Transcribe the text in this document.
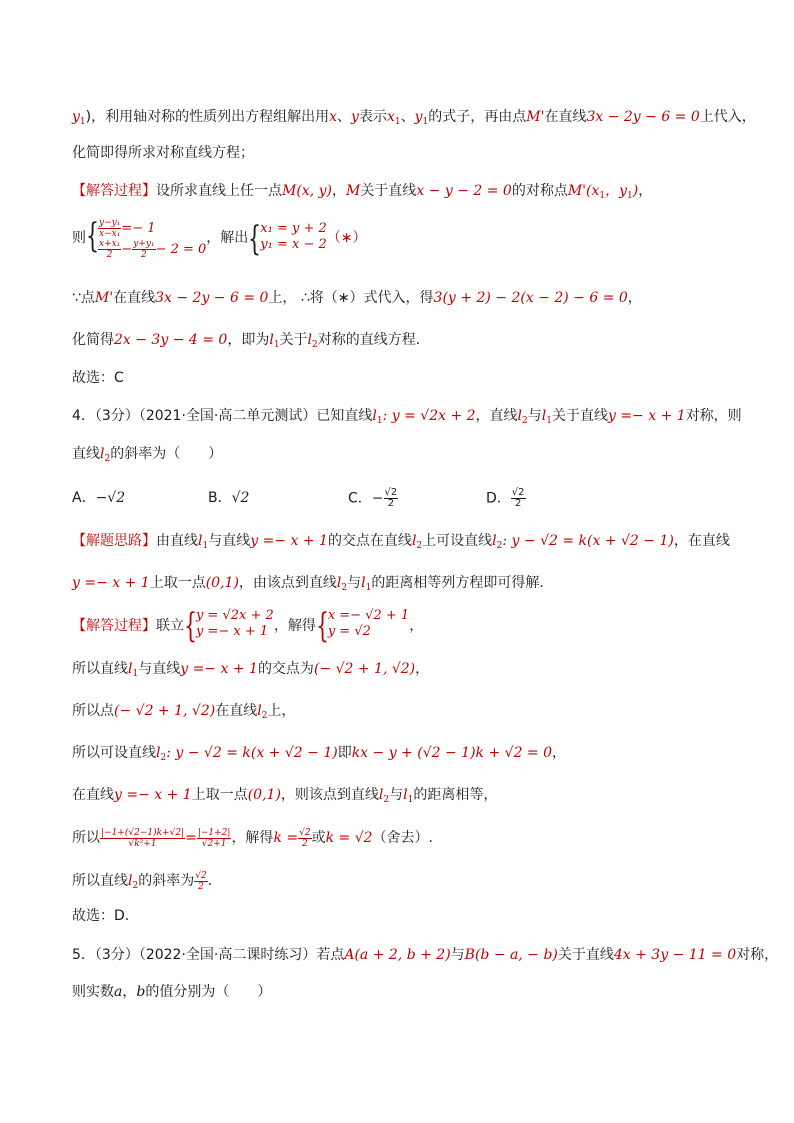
$y_1$)，利用轴对称的性质列出方程组解出用x、y表示$x_1$、$y_1$的式子，再由点M'在直线3x − 2y − 6 = 0上代入，
化简即得所求对称直线方程；
【解答过程】设所求直线上任一点M(x, y)，M关于直线x − y − 2 = 0的对称点$M'(x_1$，$y_1$)，
则 { $\frac{\text{y−y₁}}{\text{x−x₁}} =- 1$
$\frac{\text{x+x₁}}{2} - \frac{\text{y+y₁}}{2} - 2 = 0$
，解出 { x₁ = y + 2
y₁ = x − 2 （∗）
∵点M'在直线3x − 2y − 6 = 0上， ∴将（∗）式代入，得3(y + 2) − 2(x − 2) − 6 = 0，
化简得2x − 3y − 4 = 0，即为$l_1$关于$l_2$对称的直线方程．
故选：C
4．（3分）（2021·全国·高二单元测试）已知直线$l_1$: y = √2x + 2，直线$l_2$与$l_1$关于直线y =− x + 1对称，则
直线$l_2$的斜率为（　　）
A．−√2	B．√2	C．− $\frac{√2}{2}$	D． $\frac{√2}{2}$
【解题思路】由直线$l_1$与直线y =− x + 1的交点在直线$l_2$上可设直线$l_2$: y − √2 = k(x + √2 − 1)，在直线
y =− x + 1上取一点(0,1)，由该点到直线$l_2$与$l_1$的距离相等列方程即可得解.
【解答过程】联立 { y = √2x + 2
y =− x + 1 ，解得 { x =− √2 + 1
y = √2	，
所以直线$l_1$与直线y =− x + 1的交点为(− √2 + 1, √2)，
所以点(− √2 + 1, √2)在直线$l_2$上，
所以可设直线$l_2$: y − √2 = k(x + √2 − 1)即kx − y + (√2 − 1)k + √2 = 0，
在直线y =− x + 1上取一点(0,1)，则该点到直线$l_2$与$l_1$的距离相等，
所以 $\frac{|-1+(√2-1)k+√2|}{\text{√k²+1}} = \frac{|-1+2|}{√2+1}$ ，解得$k = \frac{√2}{2}$ 或k = √2（舍去）.
所以直线$l_2$的斜率为 $\frac{√2}{2}$ .
故选：D.
5．（3分）（2022·全国·高二课时练习）若点A(a + 2, b + 2)与B(b − a, − b)关于直线4x + 3y − 11 = 0对称，
则实数a，b的值分别为（　　）
